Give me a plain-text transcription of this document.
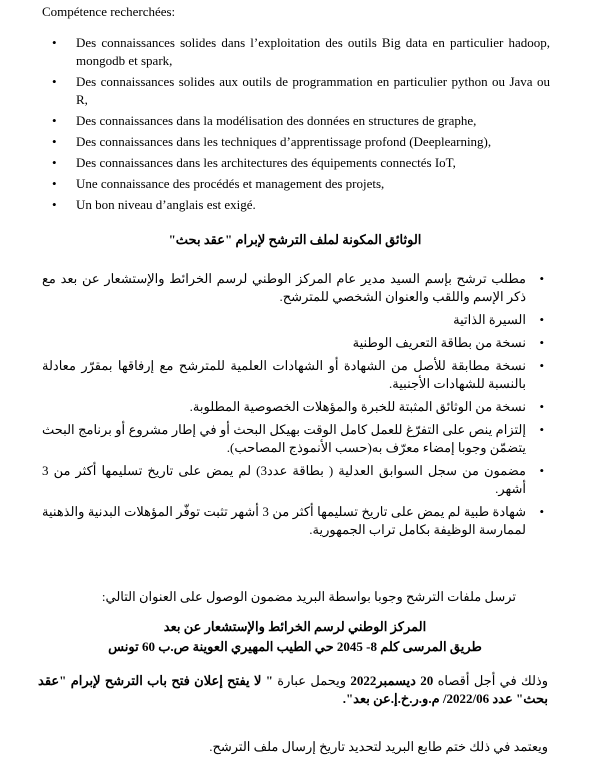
Compétence recherchées:
• Des connaissances solides dans l’exploitation des outils Big data en particulier hadoop, mongodb et spark,
• Des connaissances solides aux outils de programmation en particulier python ou Java ou R,
• Des connaissances dans la modélisation des données en structures de graphe,
• Des connaissances dans les techniques d’apprentissage profond (Deeplearning),
• Des connaissances dans les architectures des équipements connectés IoT,
• Une connaissance des procédés et management des projets,
• Un bon niveau d’anglais est exigé.
الوثائق المكونة لملف الترشح لإبرام "عقد بحث"
• مطلب ترشح بإسم السيد مدير عام المركز الوطني لرسم الخرائط والإستشعار عن بعد مع ذكر الإسم واللقب والعنوان الشخصي للمترشح.
• السيرة الذاتية
• نسخة من بطاقة التعريف الوطنية
• نسخة مطابقة للأصل من الشهادة أو الشهادات العلمية للمترشح مع إرفاقها بمقرّر معادلة بالنسبة للشهادات الأجنبية.
• نسخة من الوثائق المثبتة للخبرة والمؤهلات الخصوصية المطلوبة.
• إلتزام ينص على التفرّغ للعمل كامل الوقت بهيكل البحث أو في إطار مشروع أو برنامج البحث يتضمّن وجوبا إمضاء معرّف به(حسب الأنموذج المصاحب).
• مضمون من سجل السوابق العدلية ( بطاقة عدد3) لم يمض على تاريخ تسليمها أكثر من 3 أشهر.
• شهادة طبية لم يمض على تاريخ تسليمها أكثر من 3 أشهر تثبت توفّر المؤهلات البدنية والذهنية لممارسة الوظيفة بكامل تراب الجمهورية.
ترسل ملفات الترشح وجوبا بواسطة البريد مضمون الوصول على العنوان التالي:
المركز الوطني لرسم الخرائط والإستشعار عن بعد
طريق المرسى كلم 8- 2045 حي الطيب المهيري العوينة ص.ب 60 تونس
وذلك في أجل أقصاه 20 ديسمبر2022 ويحمل عبارة " لا يفتح إعلان فتح باب الترشح لإبرام "عقد بحث" عدد 2022/06/ م.و.ر.خ.إ.عن بعد".
ويعتمد في ذلك ختم طابع البريد لتحديد تاريخ إرسال ملف الترشح.
